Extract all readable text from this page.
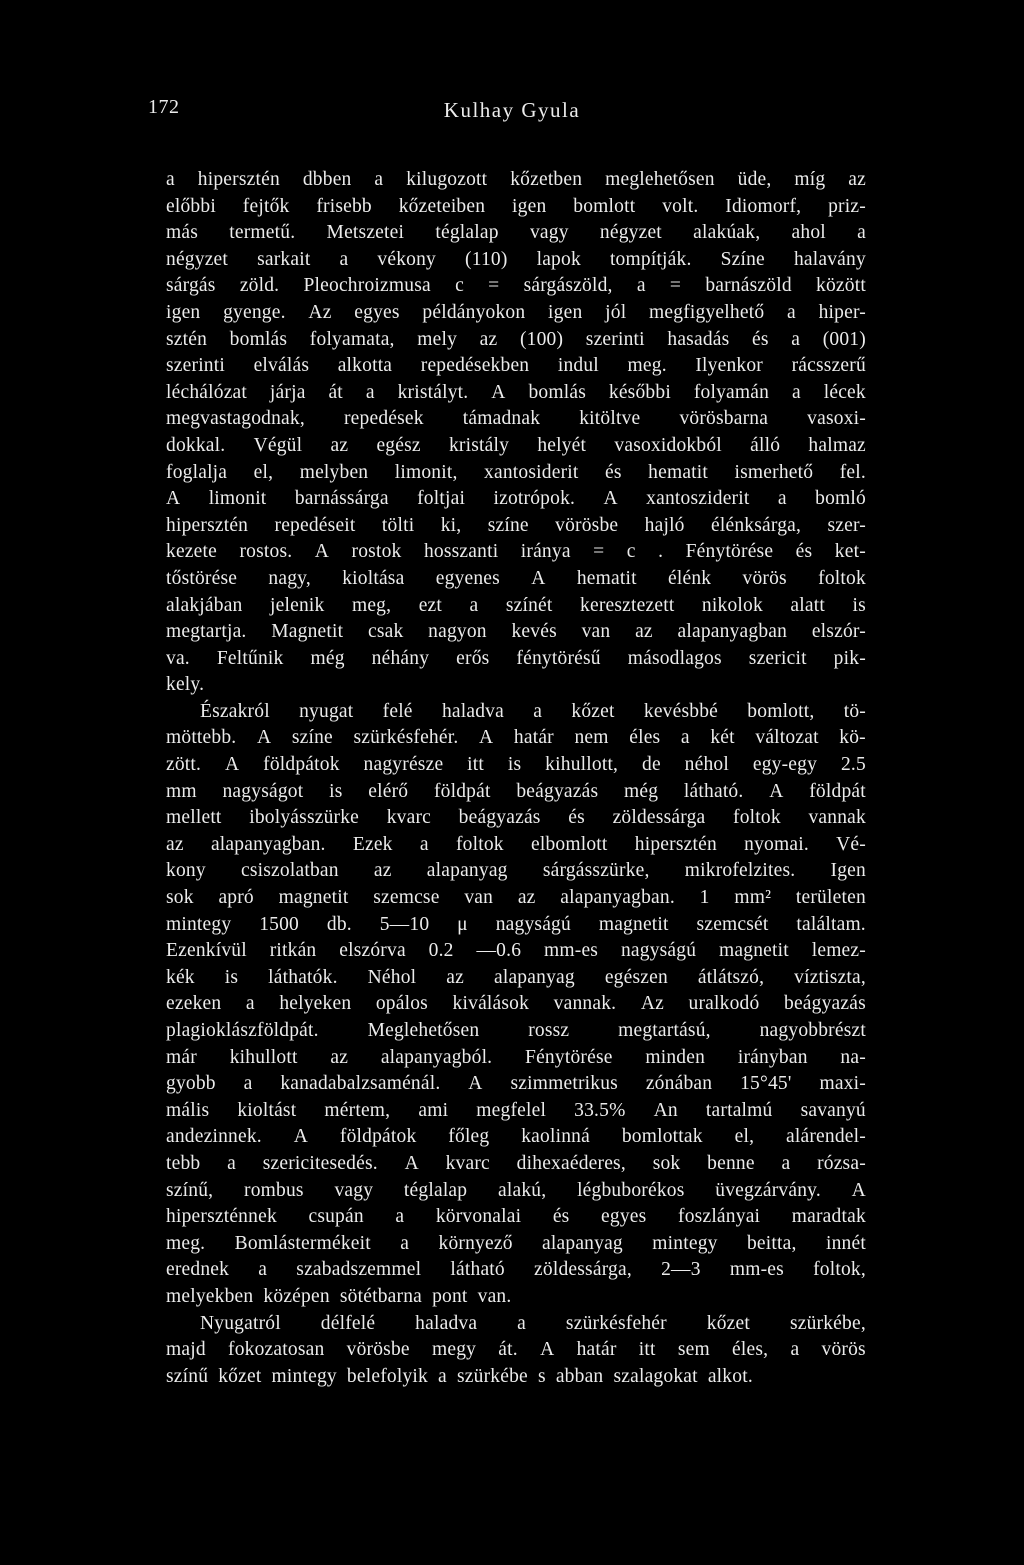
172	Kulhay Gyula
a hipersztén dbben a kilugozott kőzetben meglehetősen üde, míg az
előbbi fejtők frisebb kőzeteiben igen bomlott volt. Idiomorf, priz-
más termetű. Metszetei téglalap vagy négyzet alakúak, ahol a
négyzet sarkait a vékony (110) lapok tompítják. Színe halavány
sárgás zöld. Pleochroizmusa c = sárgászöld, a = barnászöld között
igen gyenge. Az egyes példányokon igen jól megfigyelhető a hiper-
sztén bomlás folyamata, mely az (100) szerinti hasadás és a (001)
szerinti elválás alkotta repedésekben indul meg. Ilyenkor rácsszerű
léchálózat járja át a kristályt. A bomlás későbbi folyamán a lécek
megvastagodnak, repedések támadnak kitöltve vörösbarna vasoxi-
dokkal. Végül az egész kristály helyét vasoxidokból álló halmaz
foglalja el, melyben limonit, xantosiderit és hematit ismerhető fel.
A limonit barnássárga foltjai izotrópok. A xantosziderit a bomló
hipersztén repedéseit tölti ki, színe vörösbe hajló élénksárga, szer-
kezete rostos. A rostok hosszanti iránya = c . Fénytörése és ket-
tőstörése nagy, kioltása egyenes A hematit élénk vörös foltok
alakjában jelenik meg, ezt a színét keresztezett nikolok alatt is
megtartja. Magnetit csak nagyon kevés van az alapanyagban elszór-
va. Feltűnik még néhány erős fénytörésű másodlagos szericit pik-
kely.
Északról nyugat felé haladva a kőzet kevésbbé bomlott, tö-
möttebb. A színe szürkésfehér. A határ nem éles a két változat kö-
zött. A földpátok nagyrésze itt is kihullott, de néhol egy-egy 2.5
mm nagyságot is elérő földpát beágyazás még látható. A földpát
mellett ibolyásszürke kvarc beágyazás és zöldessárga foltok vannak
az alapanyagban. Ezek a foltok elbomlott hipersztén nyomai. Vé-
kony csiszolatban az alapanyag sárgásszürke, mikrofelzites. Igen
sok apró magnetit szemcse van az alapanyagban. 1 mm² területen
mintegy 1500 db. 5—10 μ nagyságú magnetit szemcsét találtam.
Ezenkívül ritkán elszórva 0.2 —0.6 mm-es nagyságú magnetit lemez-
kék is láthatók. Néhol az alapanyag egészen átlátszó, víztiszta,
ezeken a helyeken opálos kiválások vannak. Az uralkodó beágyazás
plagioklászföldpát.	Meglehetősen	rossz	megtartású,	nagyobbrészt
már kihullott az alapanyagból. Fénytörése minden irányban na-
gyobb a kanadabalzsaménál. A szimmetrikus zónában 15°45' maxi-
mális kioltást mértem, ami megfelel 33.5% An tartalmú savanyú
andezinnek. A földpátok főleg kaolinná bomlottak el, alárendel-
tebb a szericitesedés. A kvarc dihexaéderes, sok benne a rózsa-
színű, rombus vagy téglalap alakú, légbuborékos üvegzárvány. A
hiperszténnek csupán a körvonalai és egyes foszlányai maradtak
meg. Bomlástermékeit a környező alapanyag mintegy beitta, innét
erednek a szabadszemmel látható zöldessárga, 2—3 mm-es foltok,
melyekben középen sötétbarna pont van.
Nyugatról délfelé haladva a szürkésfehér kőzet szürkébe,
majd fokozatosan vörösbe megy át. A határ itt sem éles, a vörös
színű kőzet mintegy belefolyik a szürkébe s abban szalagokat alkot.
